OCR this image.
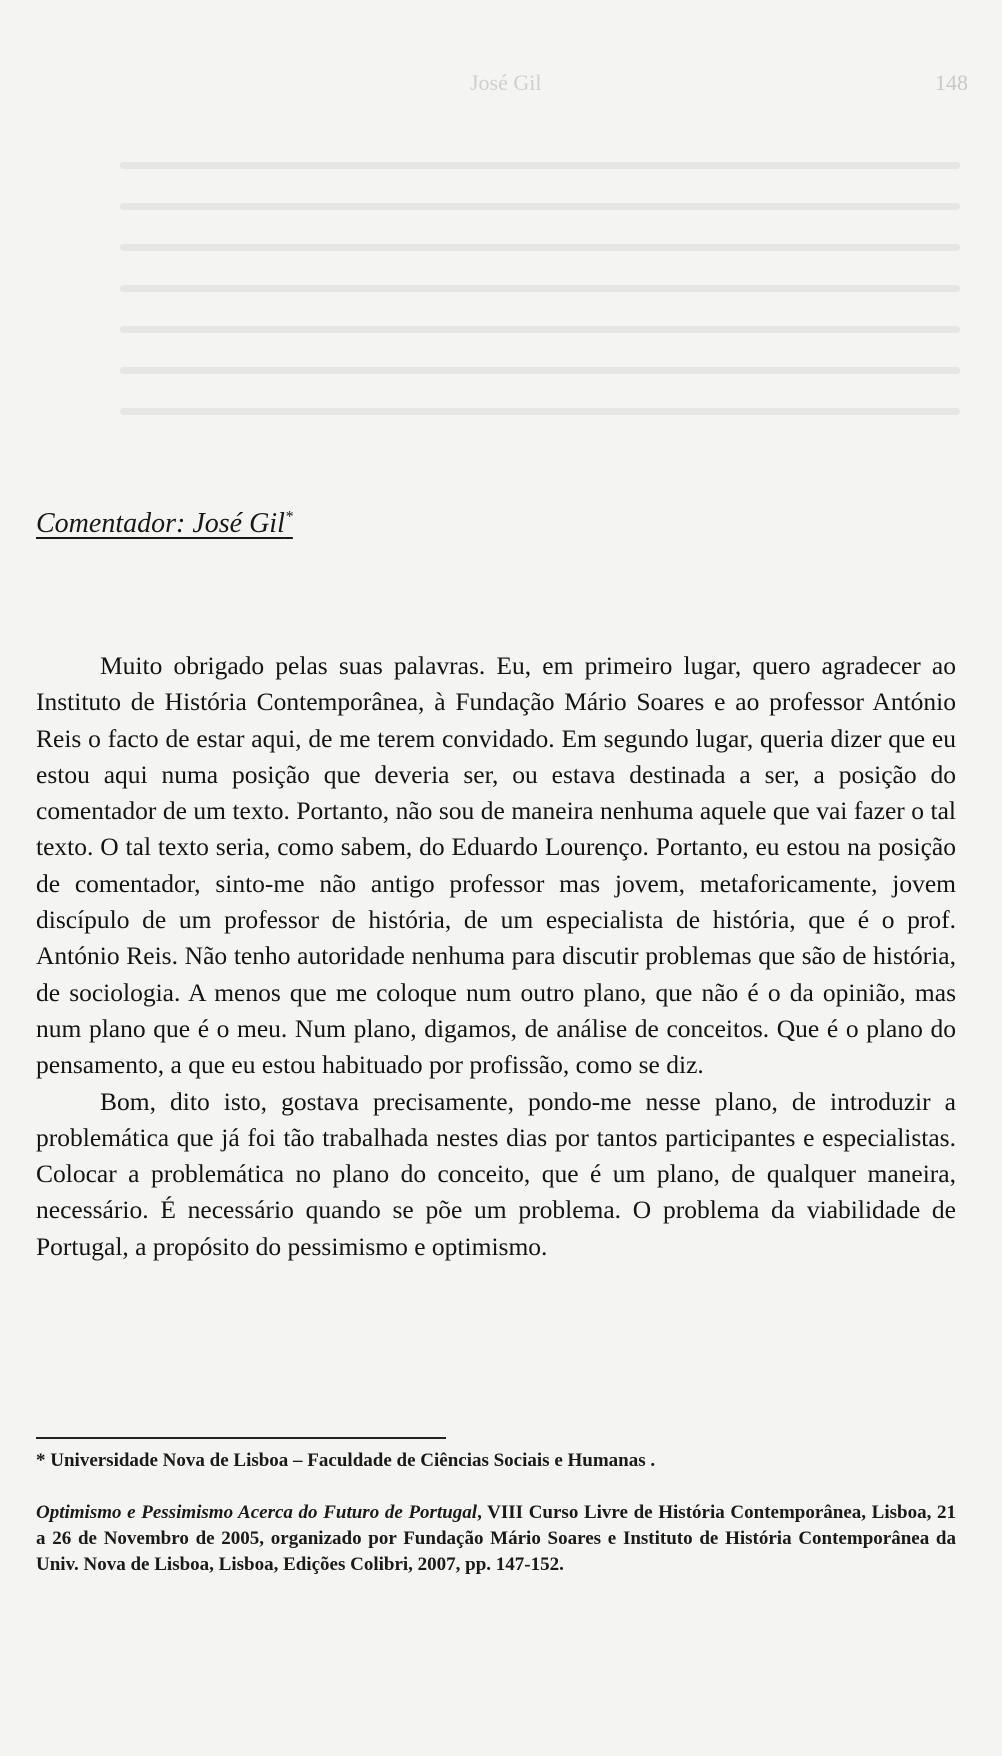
José Gil	148
Comentador: José Gil*

Muito obrigado pelas suas palavras. Eu, em primeiro lugar, quero agradecer ao Instituto de História Contemporânea, à Fundação Mário Soares e ao professor António Reis o facto de estar aqui, de me terem convidado. Em segundo lugar, queria dizer que eu estou aqui numa posição que deveria ser, ou estava destinada a ser, a posição do comentador de um texto. Portanto, não sou de maneira nenhuma aquele que vai fazer o tal texto. O tal texto seria, como sabem, do Eduardo Lourenço. Portanto, eu estou na posição de comentador, sinto-me não antigo professor mas jovem, metaforicamente, jovem discípulo de um professor de história, de um especialista de história, que é o prof. António Reis. Não tenho autoridade nenhuma para discutir problemas que são de história, de sociologia. A menos que me coloque num outro plano, que não é o da opinião, mas num plano que é o meu. Num plano, digamos, de análise de conceitos. Que é o plano do pensamento, a que eu estou habituado por profissão, como se diz.

Bom, dito isto, gostava precisamente, pondo-me nesse plano, de introduzir a problemática que já foi tão trabalhada nestes dias por tantos participantes e especialistas. Colocar a problemática no plano do conceito, que é um plano, de qualquer maneira, necessário. É necessário quando se põe um problema. O problema da viabilidade de Portugal, a propósito do pessimismo e optimismo.

* Universidade Nova de Lisboa – Faculdade de Ciências Sociais e Humanas .
Optimismo e Pessimismo Acerca do Futuro de Portugal, VIII Curso Livre de História Contemporânea, Lisboa, 21 a 26 de Novembro de 2005, organizado por Fundação Mário Soares e Instituto de História Contemporânea da Univ. Nova de Lisboa, Lisboa, Edições Colibri, 2007, pp. 147-152.
